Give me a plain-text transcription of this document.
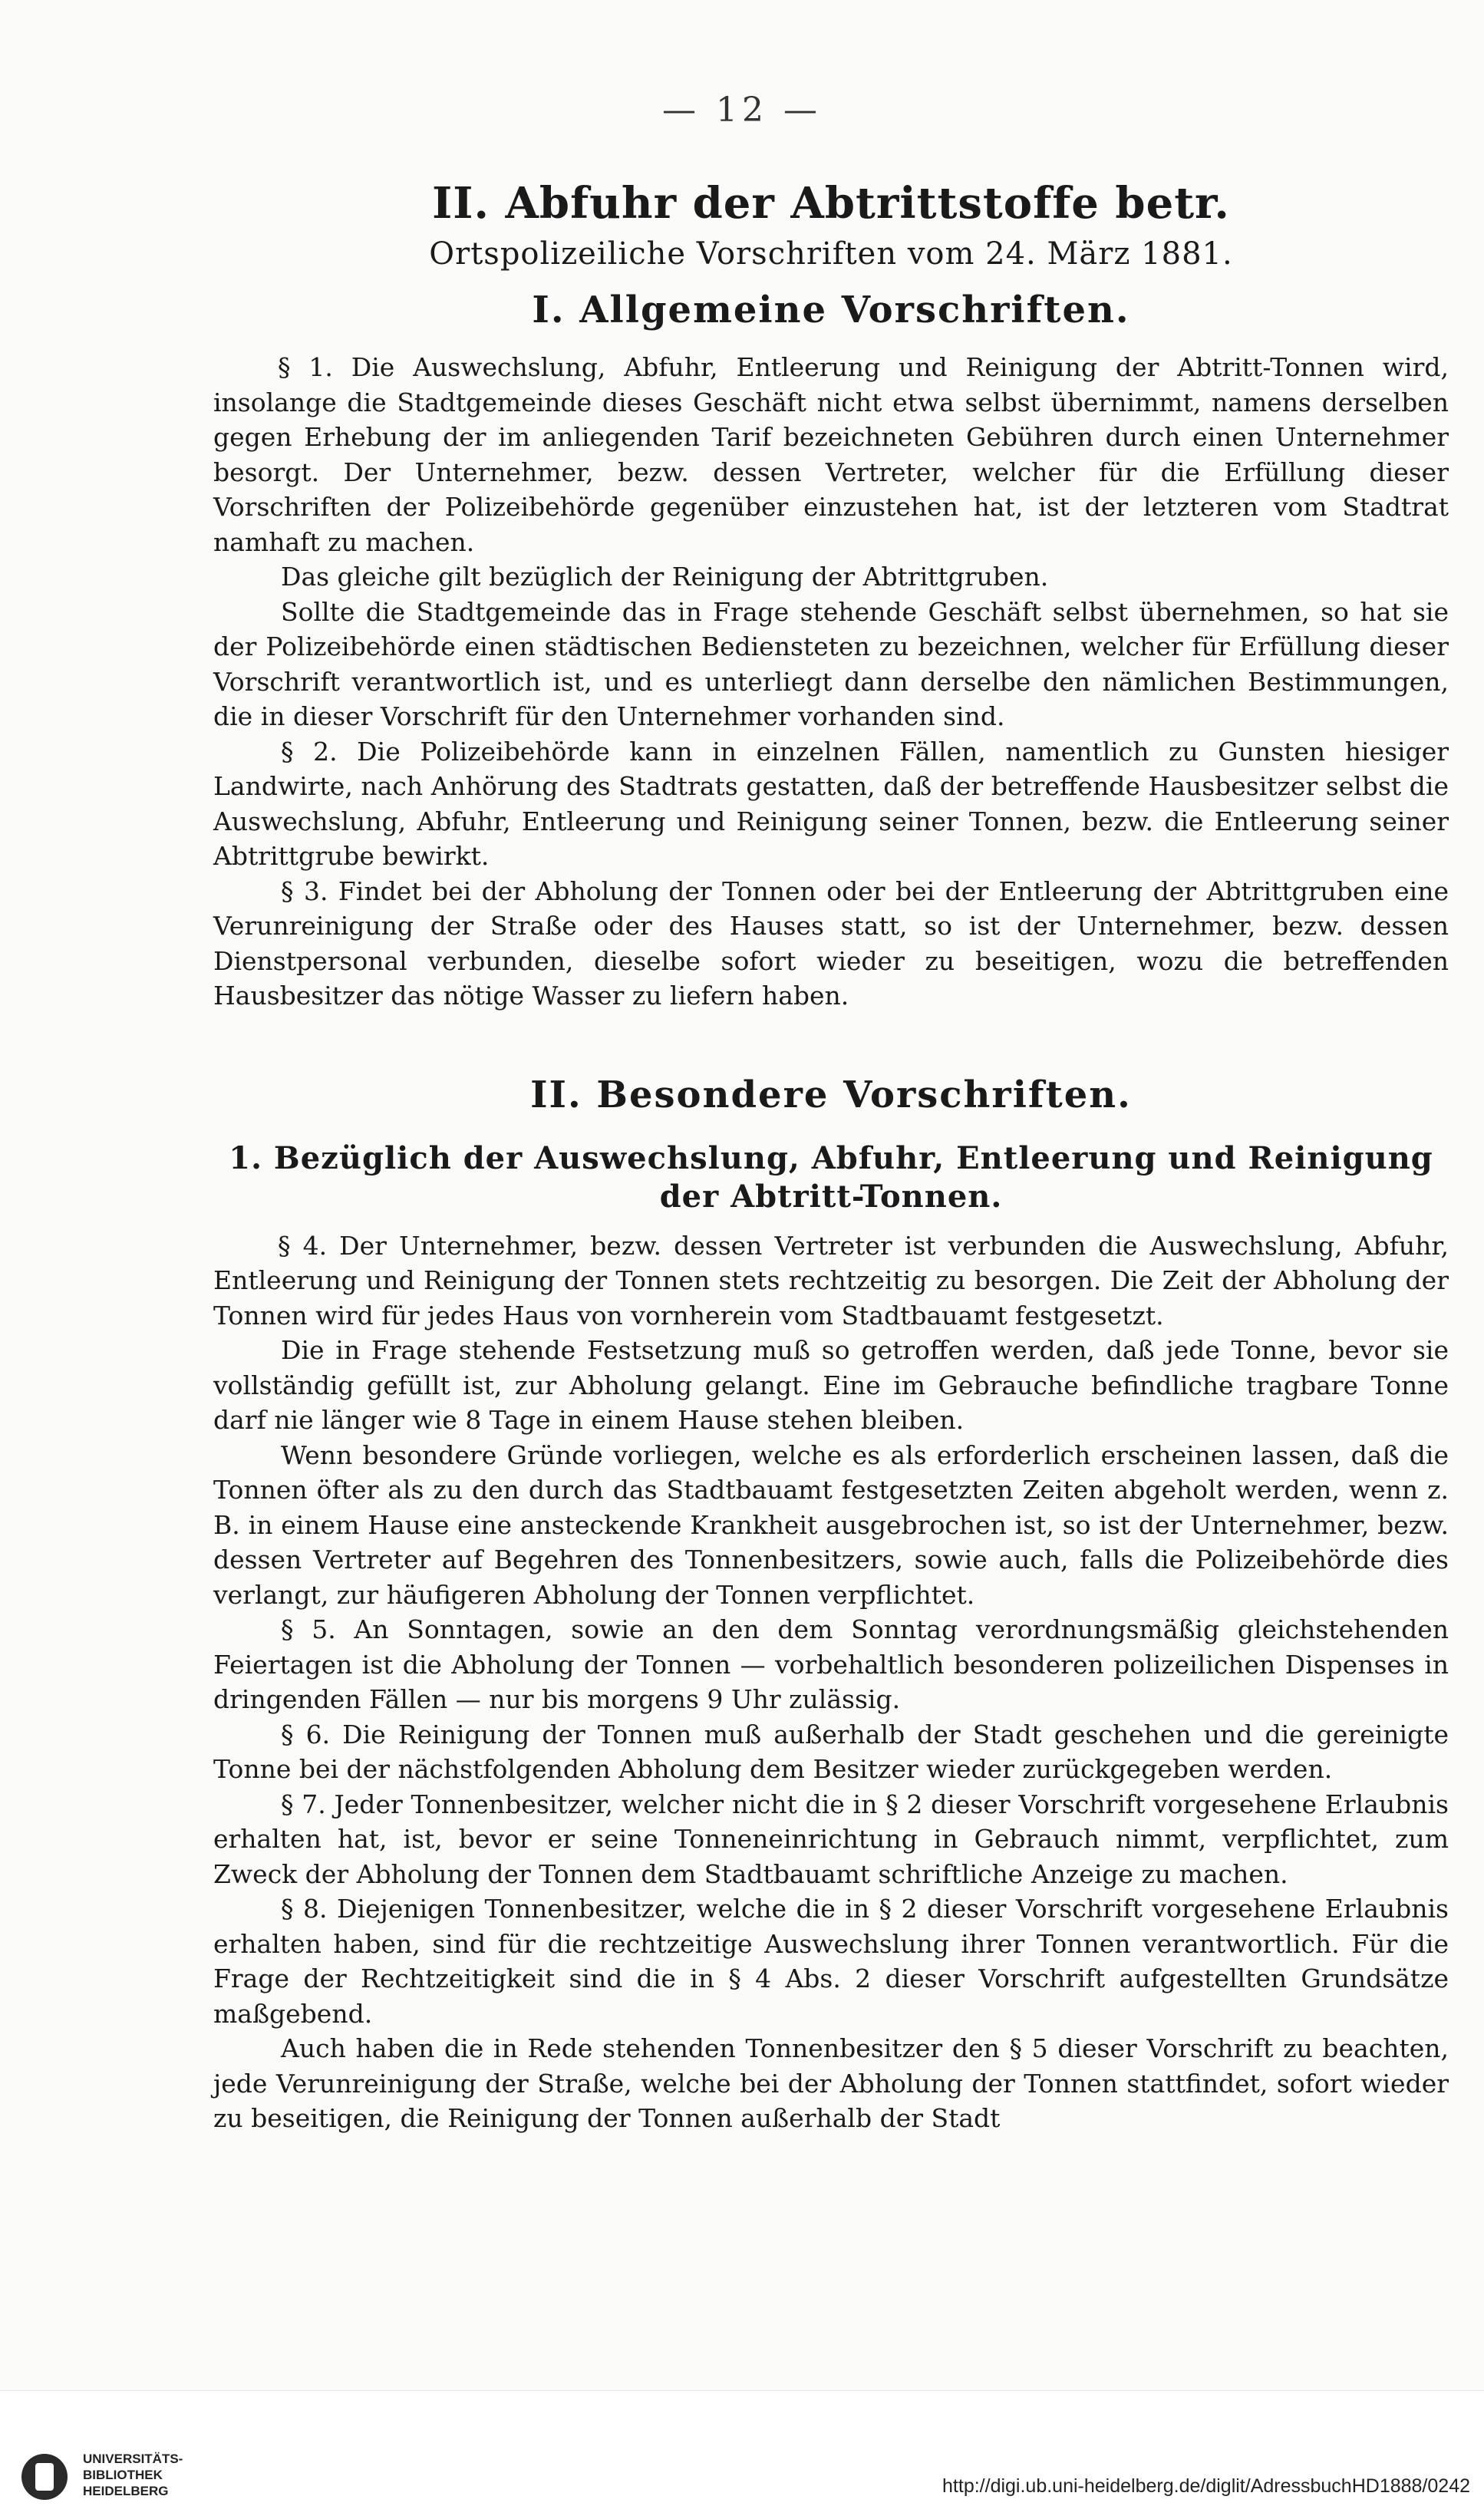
— 12 —
II. Abfuhr der Abtrittstoffe betr.
Ortspolizeiliche Vorschriften vom 24. März 1881.
I. Allgemeine Vorschriften.

§ 1. Die Auswechslung, Abfuhr, Entleerung und Reinigung der Abtritt-Tonnen wird, insolange die Stadtgemeinde dieses Geschäft nicht etwa selbst übernimmt, namens derselben gegen Erhebung der im anliegenden Tarif bezeichneten Gebühren durch einen Unternehmer besorgt. Der Unternehmer, bezw. dessen Vertreter, welcher für die Erfüllung dieser Vorschriften der Polizeibehörde gegenüber einzustehen hat, ist der letzteren vom Stadtrat namhaft zu machen.

Das gleiche gilt bezüglich der Reinigung der Abtrittgruben.

Sollte die Stadtgemeinde das in Frage stehende Geschäft selbst übernehmen, so hat sie der Polizeibehörde einen städtischen Bediensteten zu bezeichnen, welcher für Erfüllung dieser Vorschrift verantwortlich ist, und es unterliegt dann derselbe den nämlichen Bestimmungen, die in dieser Vorschrift für den Unternehmer vorhanden sind.

§ 2. Die Polizeibehörde kann in einzelnen Fällen, namentlich zu Gunsten hiesiger Landwirte, nach Anhörung des Stadtrats gestatten, daß der betreffende Hausbesitzer selbst die Auswechslung, Abfuhr, Entleerung und Reinigung seiner Tonnen, bezw. die Entleerung seiner Abtrittgrube bewirkt.

§ 3. Findet bei der Abholung der Tonnen oder bei der Entleerung der Abtrittgruben eine Verunreinigung der Straße oder des Hauses statt, so ist der Unternehmer, bezw. dessen Dienstpersonal verbunden, dieselbe sofort wieder zu beseitigen, wozu die betreffenden Hausbesitzer das nötige Wasser zu liefern haben.

II. Besondere Vorschriften.
1. Bezüglich der Auswechslung, Abfuhr, Entleerung und Reinigung der Abtritt-Tonnen.

§ 4. Der Unternehmer, bezw. dessen Vertreter ist verbunden die Auswechslung, Abfuhr, Entleerung und Reinigung der Tonnen stets rechtzeitig zu besorgen. Die Zeit der Abholung der Tonnen wird für jedes Haus von vornherein vom Stadtbauamt festgesetzt.

Die in Frage stehende Festsetzung muß so getroffen werden, daß jede Tonne, bevor sie vollständig gefüllt ist, zur Abholung gelangt. Eine im Gebrauche befindliche tragbare Tonne darf nie länger wie 8 Tage in einem Hause stehen bleiben.

Wenn besondere Gründe vorliegen, welche es als erforderlich erscheinen lassen, daß die Tonnen öfter als zu den durch das Stadtbauamt festgesetzten Zeiten abgeholt werden, wenn z. B. in einem Hause eine ansteckende Krankheit ausgebrochen ist, so ist der Unternehmer, bezw. dessen Vertreter auf Begehren des Tonnenbesitzers, sowie auch, falls die Polizeibehörde dies verlangt, zur häufigeren Abholung der Tonnen verpflichtet.

§ 5. An Sonntagen, sowie an den dem Sonntag verordnungsmäßig gleichstehenden Feiertagen ist die Abholung der Tonnen — vorbehaltlich besonderen polizeilichen Dispenses in dringenden Fällen — nur bis morgens 9 Uhr zulässig.

§ 6. Die Reinigung der Tonnen muß außerhalb der Stadt geschehen und die gereinigte Tonne bei der nächstfolgenden Abholung dem Besitzer wieder zurückgegeben werden.

§ 7. Jeder Tonnenbesitzer, welcher nicht die in § 2 dieser Vorschrift vorgesehene Erlaubnis erhalten hat, ist, bevor er seine Tonneneinrichtung in Gebrauch nimmt, verpflichtet, zum Zweck der Abholung der Tonnen dem Stadtbauamt schriftliche Anzeige zu machen.

§ 8. Diejenigen Tonnenbesitzer, welche die in § 2 dieser Vorschrift vorgesehene Erlaubnis erhalten haben, sind für die rechtzeitige Auswechslung ihrer Tonnen verantwortlich. Für die Frage der Rechtzeitigkeit sind die in § 4 Abs. 2 dieser Vorschrift aufgestellten Grundsätze maßgebend.

Auch haben die in Rede stehenden Tonnenbesitzer den § 5 dieser Vorschrift zu beachten, jede Verunreinigung der Straße, welche bei der Abholung der Tonnen stattfindet, sofort wieder zu beseitigen, die Reinigung der Tonnen außerhalb der Stadt

UNIVERSITÄTS-
BIBLIOTHEK
HEIDELBERG	http://digi.ub.uni-heidelberg.de/diglit/AdressbuchHD1888/0242
